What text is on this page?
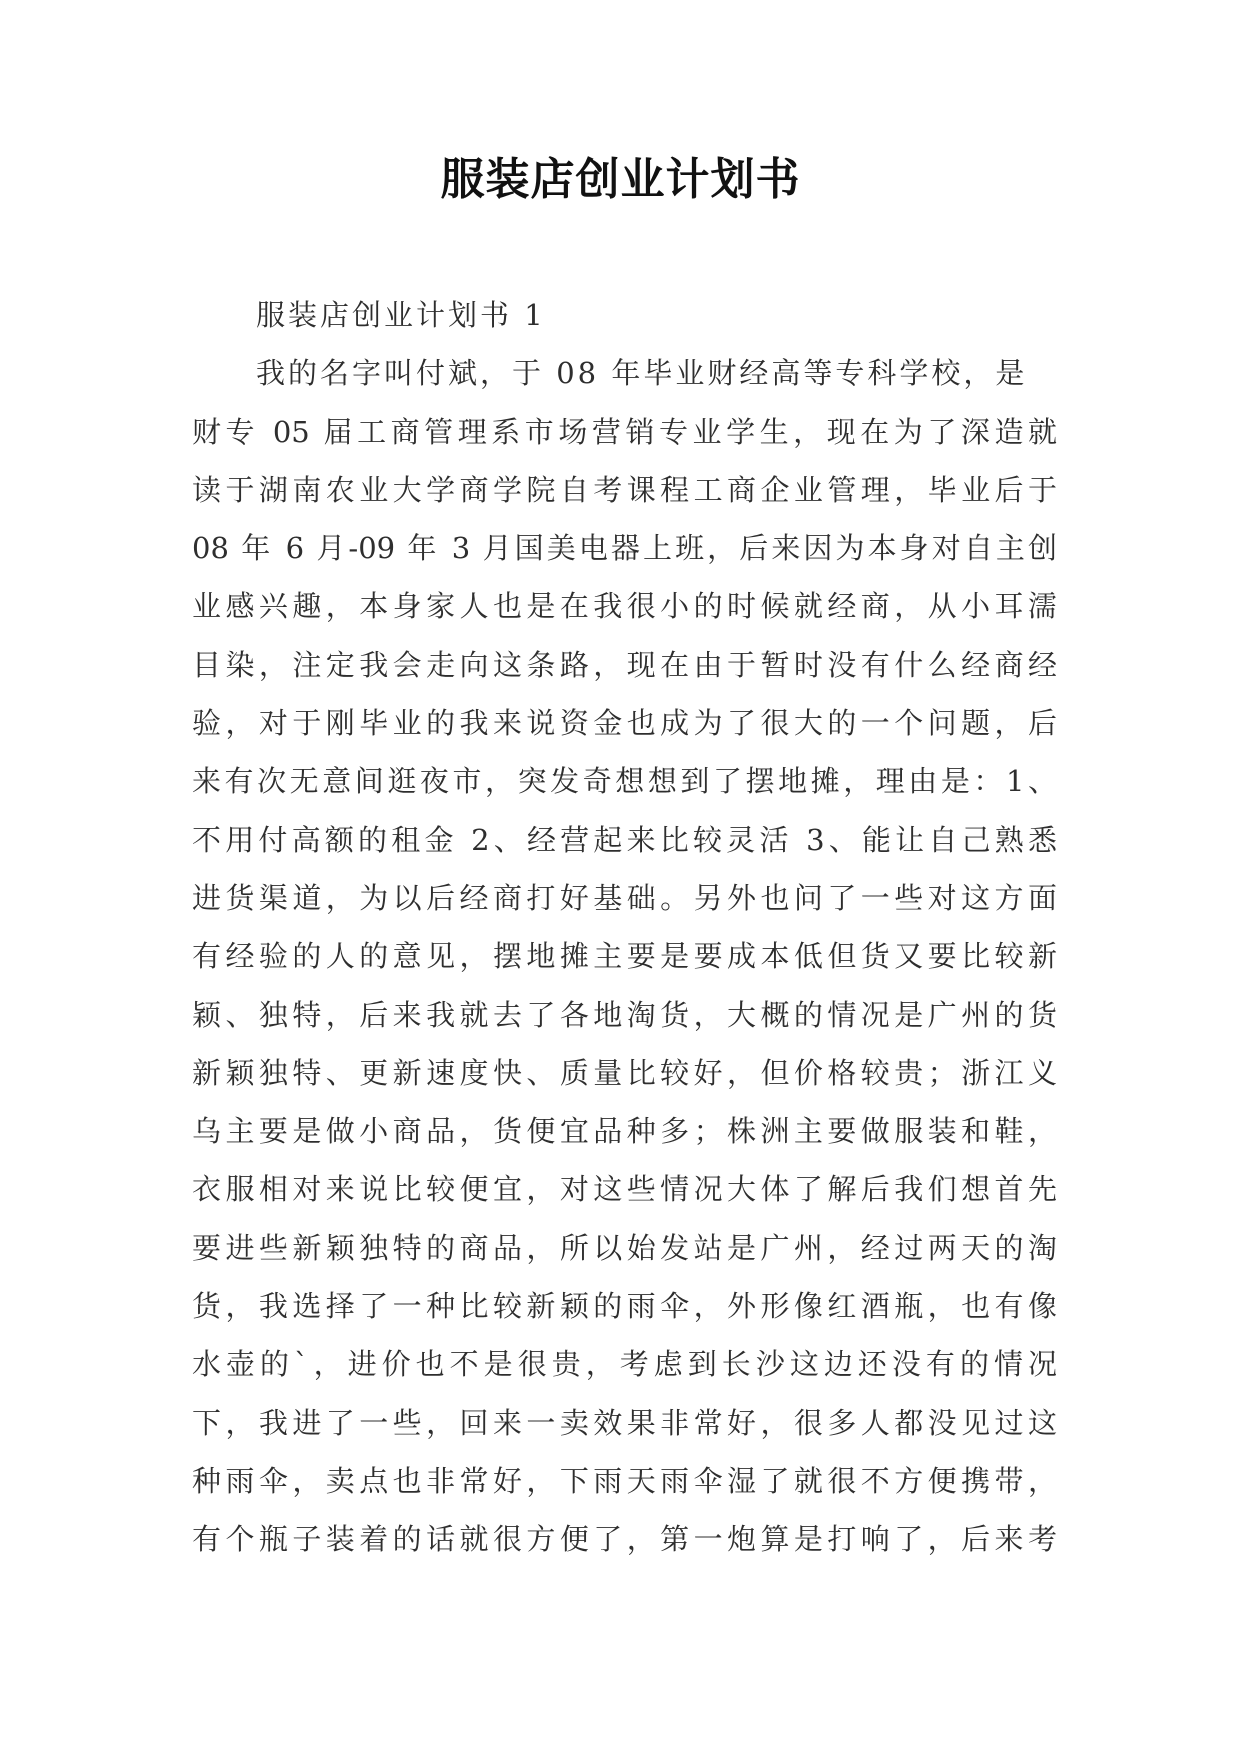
服装店创业计划书
服装店创业计划书 1
我的名字叫付斌，于 08 年毕业财经高等专科学校，是
财专 05 届工商管理系市场营销专业学生，现在为了深造就
读于湖南农业大学商学院自考课程工商企业管理，毕业后于
08 年 6 月-09 年 3 月国美电器上班，后来因为本身对自主创
业感兴趣，本身家人也是在我很小的时候就经商，从小耳濡
目染，注定我会走向这条路，现在由于暂时没有什么经商经
验，对于刚毕业的我来说资金也成为了很大的一个问题，后
来有次无意间逛夜市，突发奇想想到了摆地摊，理由是：1、
不用付高额的租金 2、经营起来比较灵活 3、能让自己熟悉
进货渠道，为以后经商打好基础。另外也问了一些对这方面
有经验的人的意见，摆地摊主要是要成本低但货又要比较新
颖、独特，后来我就去了各地淘货，大概的情况是广州的货
新颖独特、更新速度快、质量比较好，但价格较贵；浙江义
乌主要是做小商品，货便宜品种多；株洲主要做服装和鞋，
衣服相对来说比较便宜，对这些情况大体了解后我们想首先
要进些新颖独特的商品，所以始发站是广州，经过两天的淘
货，我选择了一种比较新颖的雨伞，外形像红酒瓶，也有像
水壶的`，进价也不是很贵，考虑到长沙这边还没有的情况
下，我进了一些，回来一卖效果非常好，很多人都没见过这
种雨伞，卖点也非常好，下雨天雨伞湿了就很不方便携带，
有个瓶子装着的话就很方便了，第一炮算是打响了，后来考
